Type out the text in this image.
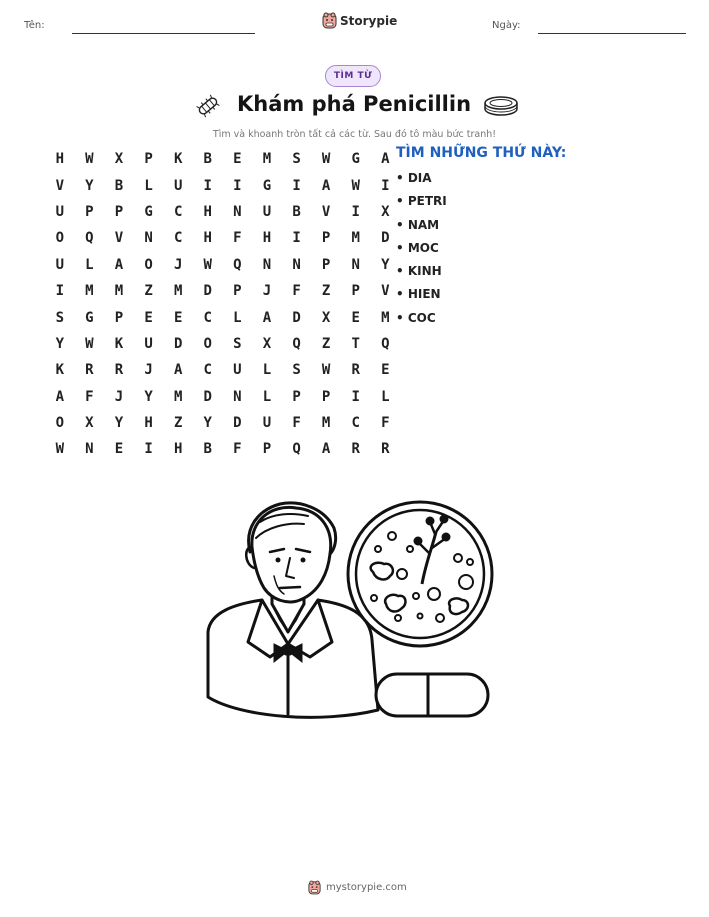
Tên:	Storypie	Ngày:
TÌM TỪ
Khám phá Penicillin
Tìm và khoanh tròn tất cả các từ. Sau đó tô màu bức tranh!
H	W	X	P	K	B	E	M	S	W	G	A
V	Y	B	L	U	I	I	G	I	A	W	I
U	P	P	G	C	H	N	U	B	V	I	X
O	Q	V	N	C	H	F	H	I	P	M	D
U	L	A	O	J	W	Q	N	N	P	N	Y
I	M	M	Z	M	D	P	J	F	Z	P	V
S	G	P	E	E	C	L	A	D	X	E	M
Y	W	K	U	D	O	S	X	Q	Z	T	Q
K	R	R	J	A	C	U	L	S	W	R	E
A	F	J	Y	M	D	N	L	P	P	I	L
O	X	Y	H	Z	Y	D	U	F	M	C	F
W	N	E	I	H	B	F	P	Q	A	R	R
TÌM NHỮNG THỨ NÀY:
• DIA
• PETRI
• NAM
• MOC
• KINH
• HIEN
• COC
mystorypie.com
